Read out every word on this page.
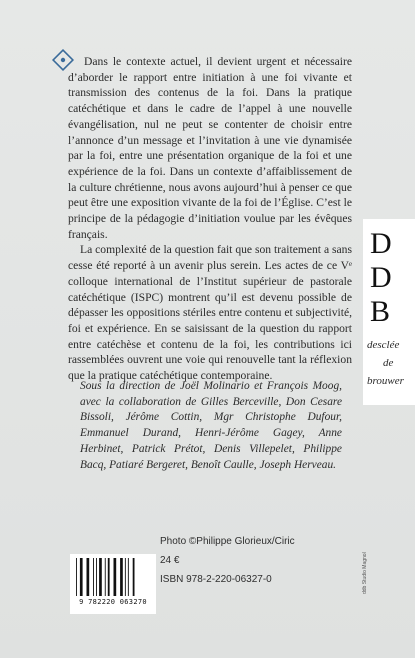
Dans le contexte actuel, il devient urgent et nécessaire d’aborder le rapport entre initiation à une foi vivante et transmission des contenus de la foi. Dans la pratique catéchétique et dans le cadre de l’appel à une nouvelle évangélisation, nul ne peut se contenter de choisir entre l’annonce d’un message et l’invitation à une vie dynamisée par la foi, entre une présentation organique de la foi et une expérience de la foi. Dans un contexte d’affaiblissement de la culture chrétienne, nous avons aujourd’hui à penser ce que peut être une exposition vivante de la foi de l’Église. C’est le principe de la pédagogie d’initiation voulue par les évêques français.

La complexité de la question fait que son traitement a sans cesse été reporté à un avenir plus serein. Les actes de ce Vᵉ colloque international de l’Institut supérieur de pastorale catéchétique (ISPC) montrent qu’il est devenu possible de dépasser les oppositions stériles entre contenu et subjectivité, foi et expérience. En se saisissant de la question du rapport entre catéchèse et contenu de la foi, les contributions ici rassemblées ouvrent une voie qui renouvelle tant la réflexion que la pratique catéchétique contemporaine.

Sous la direction de Joël Molinario et François Moog, avec la collaboration de Gilles Berceville, Don Cesare Bissoli, Jérôme Cottin, Mgr Christophe Dufour, Emmanuel Durand, Henri-Jérôme Gagey, Anne Herbinet, Patrick Prétot, Denis Villepelet, Philippe Bacq, Patiaré Bergeret, Benoît Caulle, Joseph Herveau.
D
D
B
desclée
de
brouwer
Photo ©Philippe Glorieux/Ciric
24 €
ISBN 978-2-220-06327-0
9 782220 063270
ddb Studio Magnol
